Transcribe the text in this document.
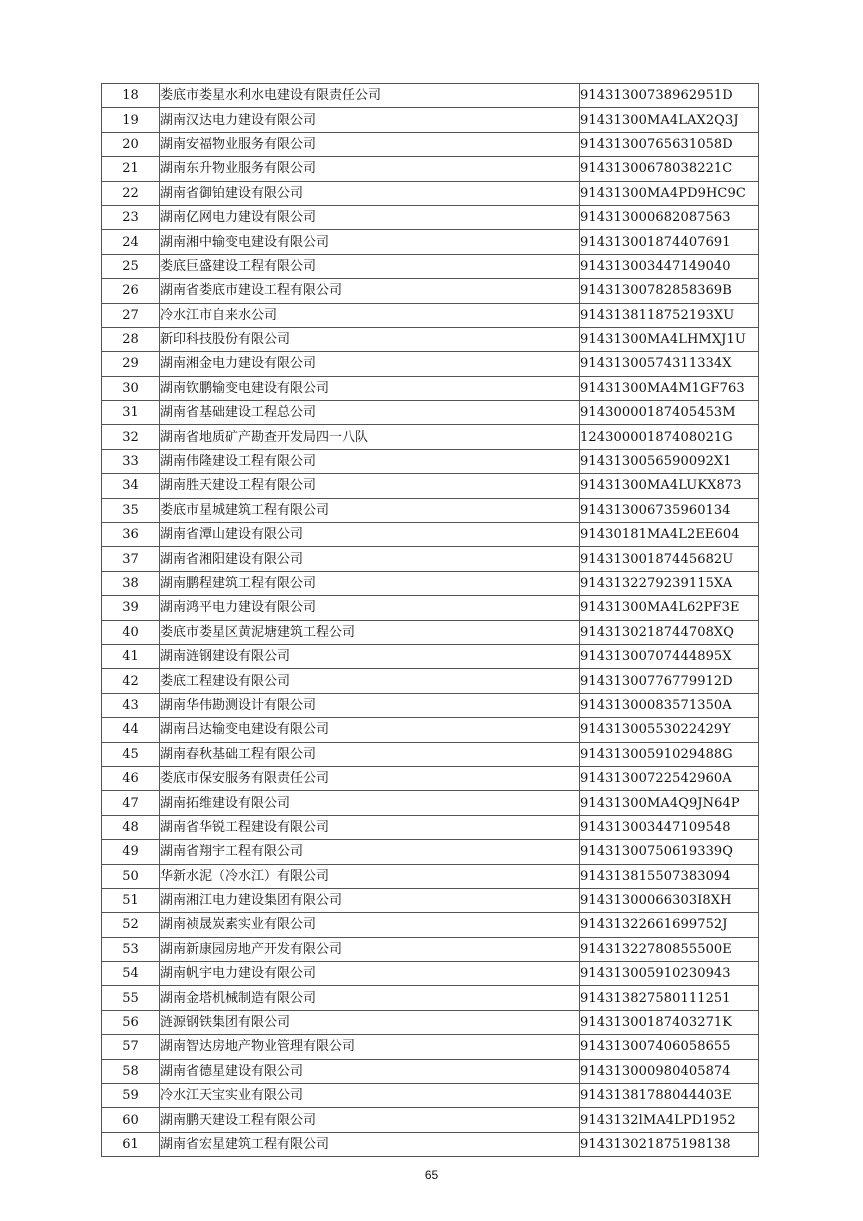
18	娄底市娄星水利水电建设有限责任公司	91431300738962951D
19	湖南汉达电力建设有限公司	91431300MA4LAX2Q3J
20	湖南安福物业服务有限公司	91431300765631058D
21	湖南东升物业服务有限公司	91431300678038221C
22	湖南省御铂建设有限公司	91431300MA4PD9HC9C
23	湖南亿网电力建设有限公司	914313000682087563
24	湖南湘中输变电建设有限公司	914313001874407691
25	娄底巨盛建设工程有限公司	914313003447149040
26	湖南省娄底市建设工程有限公司	91431300782858369B
27	冷水江市自来水公司	9143138118752193XU
28	新印科技股份有限公司	91431300MA4LHMXJ1U
29	湖南湘金电力建设有限公司	91431300574311334X
30	湖南钦鹏输变电建设有限公司	91431300MA4M1GF763
31	湖南省基础建设工程总公司	91430000187405453M
32	湖南省地质矿产勘查开发局四一八队	12430000187408021G
33	湖南伟隆建设工程有限公司	9143130056590092X1
34	湖南胜天建设工程有限公司	91431300MA4LUKX873
35	娄底市星城建筑工程有限公司	914313006735960134
36	湖南省潭山建设有限公司	91430181MA4L2EE604
37	湖南省湘阳建设有限公司	91431300187445682U
38	湖南鹏程建筑工程有限公司	9143132279239115XA
39	湖南鸿平电力建设有限公司	91431300MA4L62PF3E
40	娄底市娄星区黄泥塘建筑工程公司	9143130218744708XQ
41	湖南涟钢建设有限公司	91431300707444895X
42	娄底工程建设有限公司	91431300776779912D
43	湖南华伟勘测设计有限公司	91431300083571350A
44	湖南吕达输变电建设有限公司	91431300553022429Y
45	湖南春秋基础工程有限公司	91431300591029488G
46	娄底市保安服务有限责任公司	91431300722542960A
47	湖南拓维建设有限公司	91431300MA4Q9JN64P
48	湖南省华锐工程建设有限公司	914313003447109548
49	湖南省翔宇工程有限公司	91431300750619339Q
50	华新水泥（冷水江）有限公司	914313815507383094
51	湖南湘江电力建设集团有限公司	91431300066303I8XH
52	湖南祯晟炭素实业有限公司	91431322661699752J
53	湖南新康园房地产开发有限公司	91431322780855500E
54	湖南帆宇电力建设有限公司	914313005910230943
55	湖南金塔机械制造有限公司	914313827580111251
56	涟源钢铁集团有限公司	91431300187403271K
57	湖南智达房地产物业管理有限公司	914313007406058655
58	湖南省德星建设有限公司	914313000980405874
59	冷水江天宝实业有限公司	91431381788044403E
60	湖南鹏天建设工程有限公司	9143132lMA4LPD1952
61	湖南省宏星建筑工程有限公司	914313021875198138
65
